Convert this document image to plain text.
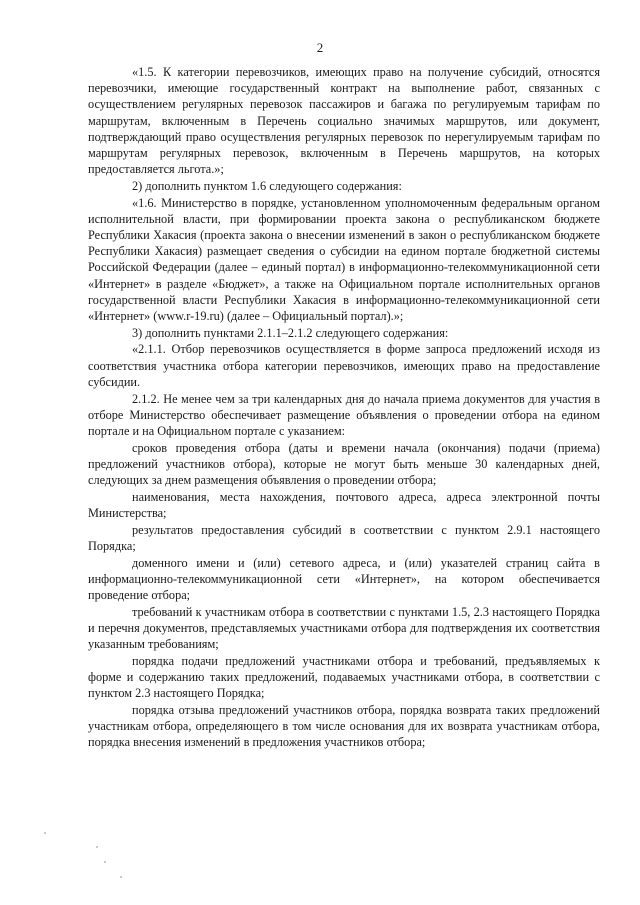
2

«1.5. К категории перевозчиков, имеющих право на получение субсидий, относятся перевозчики, имеющие государственный контракт на выполнение работ, связанных с осуществлением регулярных перевозок пассажиров и багажа по регулируемым тарифам по маршрутам, включенным в Перечень социально значимых маршрутов, или документ, подтверждающий право осуществления регулярных перевозок по нерегулируемым тарифам по маршрутам регулярных перевозок, включенным в Перечень маршрутов, на которых предоставляется льгота.»;

2) дополнить пунктом 1.6 следующего содержания:

«1.6. Министерство в порядке, установленном уполномоченным федеральным органом исполнительной власти, при формировании проекта закона о республиканском бюджете Республики Хакасия (проекта закона о внесении изменений в закон о республиканском бюджете Республики Хакасия) размещает сведения о субсидии на едином портале бюджетной системы Российской Федерации (далее – единый портал) в информационно-телекоммуникационной сети «Интернет» в разделе «Бюджет», а также на Официальном портале исполнительных органов государственной власти Республики Хакасия в информационно-телекоммуникационной сети «Интернет» (www.r-19.ru) (далее – Официальный портал).»;

3) дополнить пунктами 2.1.1–2.1.2 следующего содержания:

«2.1.1. Отбор перевозчиков осуществляется в форме запроса предложений исходя из соответствия участника отбора категории перевозчиков, имеющих право на предоставление субсидии.

2.1.2. Не менее чем за три календарных дня до начала приема документов для участия в отборе Министерство обеспечивает размещение объявления о проведении отбора на едином портале и на Официальном портале с указанием:

сроков проведения отбора (даты и времени начала (окончания) подачи (приема) предложений участников отбора), которые не могут быть меньше 30 календарных дней, следующих за днем размещения объявления о проведении отбора;

наименования, места нахождения, почтового адреса, адреса электронной почты Министерства;

результатов предоставления субсидий в соответствии с пунктом 2.9.1 настоящего Порядка;

доменного имени и (или) сетевого адреса, и (или) указателей страниц сайта в информационно-телекоммуникационной сети «Интернет», на котором обеспечивается проведение отбора;

требований к участникам отбора в соответствии с пунктами 1.5, 2.3 настоящего Порядка и перечня документов, представляемых участниками отбора для подтверждения их соответствия указанным требованиям;

порядка подачи предложений участниками отбора и требований, предъявляемых к форме и содержанию таких предложений, подаваемых участниками отбора, в соответствии с пунктом 2.3 настоящего Порядка;

порядка отзыва предложений участников отбора, порядка возврата таких предложений участникам отбора, определяющего в том числе основания для их возврата участникам отбора, порядка внесения изменений в предложения участников отбора;
